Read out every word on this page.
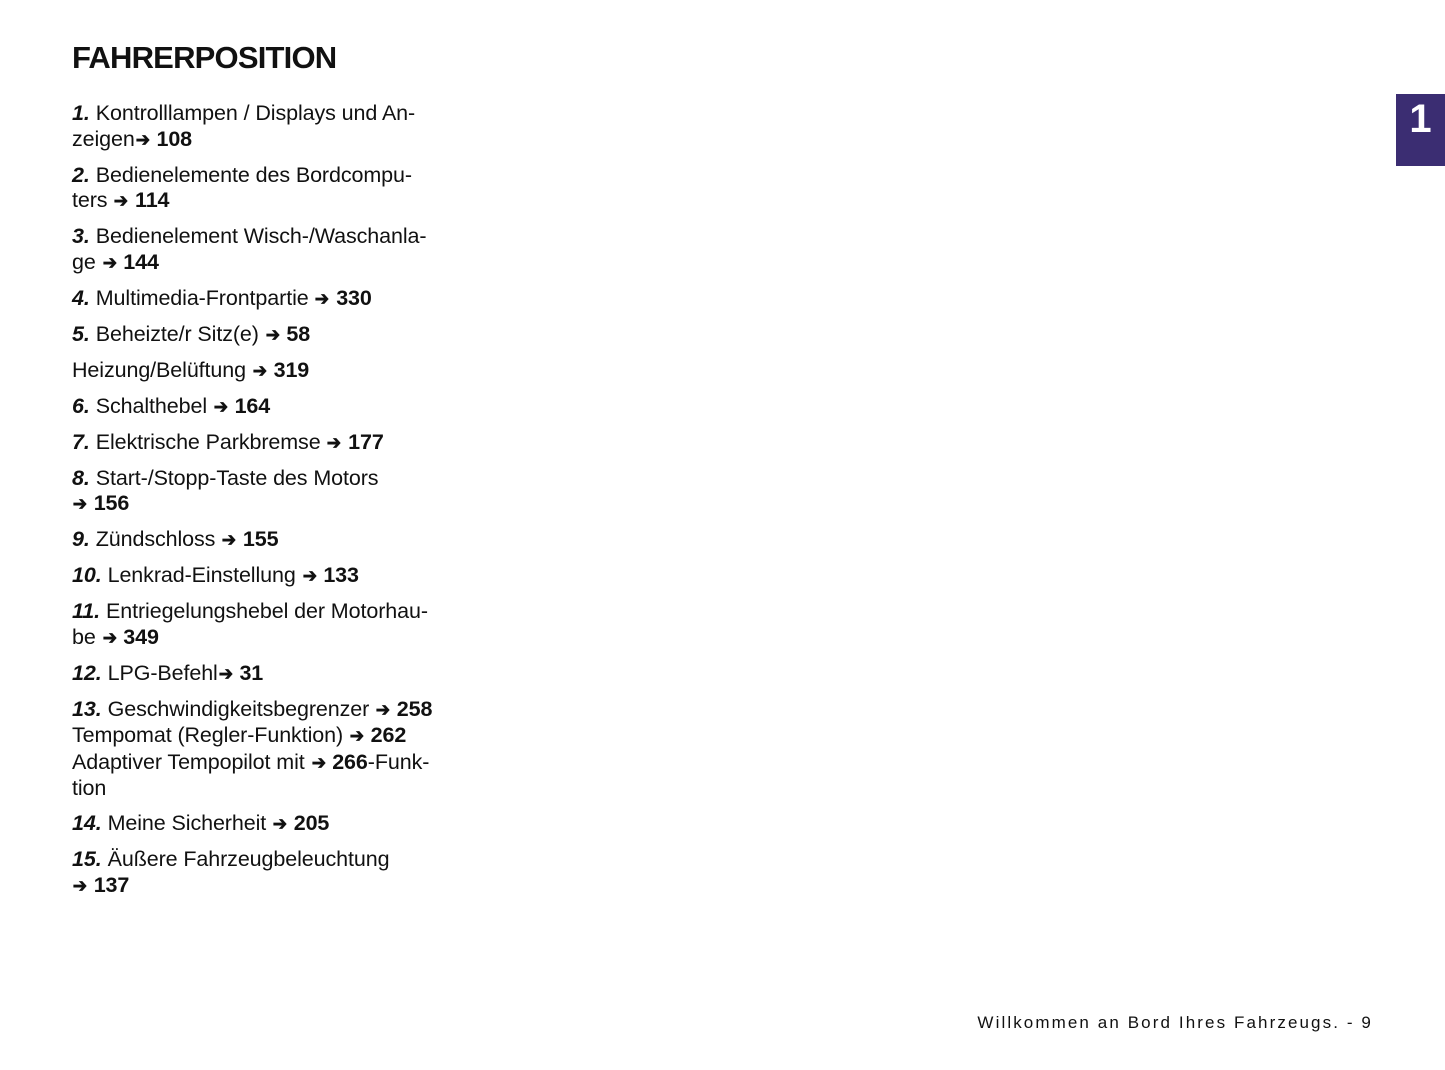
FAHRERPOSITION
1
1. Kontrolllampen / Displays und An-
zeigen➔ 108
2. Bedienelemente des Bordcompu-
ters ➔ 114
3. Bedienelement Wisch-/Waschanla-
ge ➔ 144
4. Multimedia-Frontpartie ➔ 330
5. Beheizte/r Sitz(e) ➔ 58
Heizung/Belüftung ➔ 319
6. Schalthebel ➔ 164
7. Elektrische Parkbremse ➔ 177
8. Start-/Stopp-Taste des Motors
➔ 156
9. Zündschloss ➔ 155
10. Lenkrad-Einstellung ➔ 133
11. Entriegelungshebel der Motorhau-
be ➔ 349
12. LPG-Befehl➔ 31
13. Geschwindigkeitsbegrenzer ➔ 258
Tempomat (Regler-Funktion) ➔ 262
Adaptiver Tempopilot mit ➔ 266-Funk-
tion
14. Meine Sicherheit ➔ 205
15. Äußere Fahrzeugbeleuchtung
➔ 137
Willkommen an Bord Ihres Fahrzeugs. - 9
